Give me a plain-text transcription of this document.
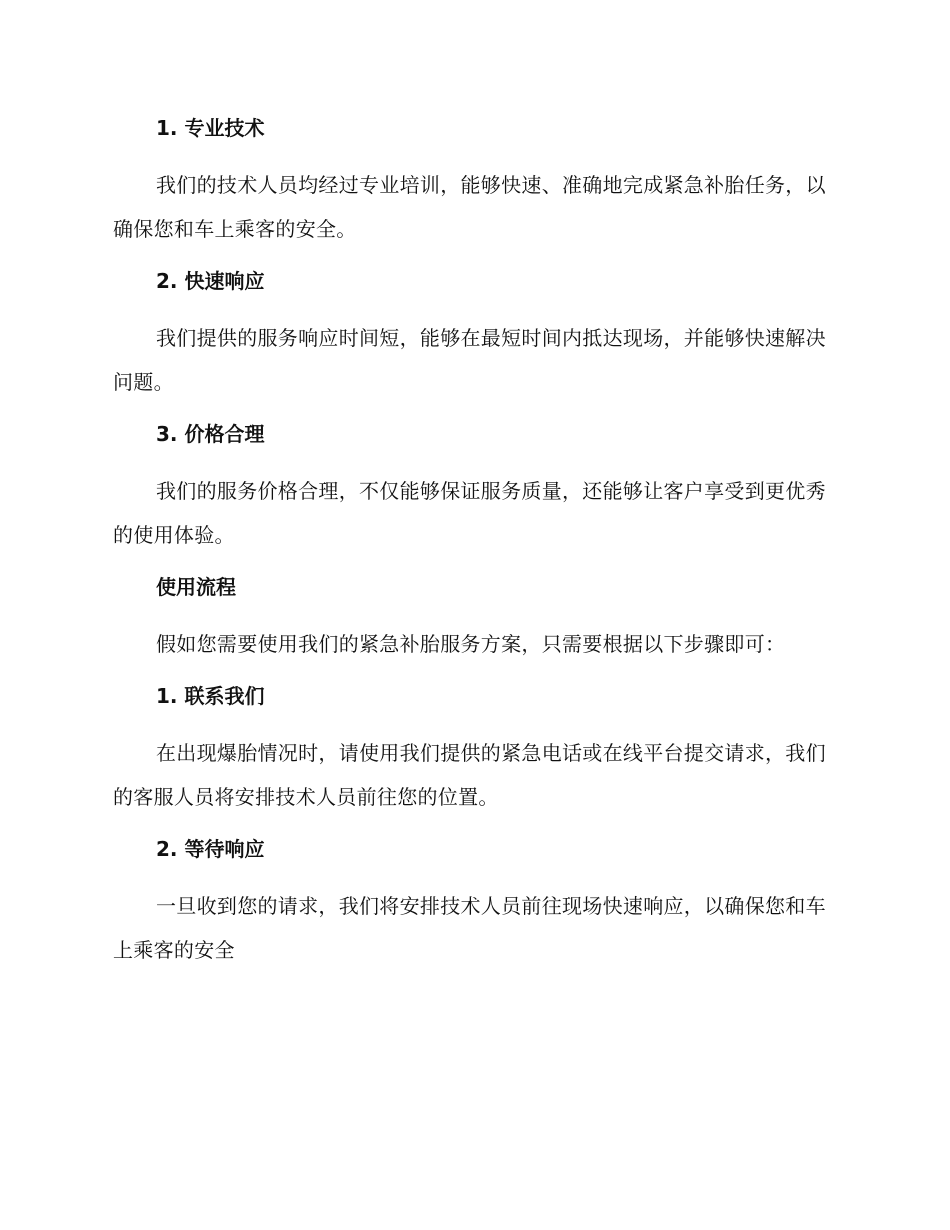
1. 专业技术
我们的技术人员均经过专业培训，能够快速、准确地完成紧急补胎任务，以确保您和车上乘客的安全。
2. 快速响应
我们提供的服务响应时间短，能够在最短时间内抵达现场，并能够快速解决问题。
3. 价格合理
我们的服务价格合理，不仅能够保证服务质量，还能够让客户享受到更优秀的使用体验。
使用流程
假如您需要使用我们的紧急补胎服务方案，只需要根据以下步骤即可：
1. 联系我们
在出现爆胎情况时，请使用我们提供的紧急电话或在线平台提交请求，我们的客服人员将安排技术人员前往您的位置。
2. 等待响应
一旦收到您的请求，我们将安排技术人员前往现场快速响应，以确保您和车上乘客的安全
